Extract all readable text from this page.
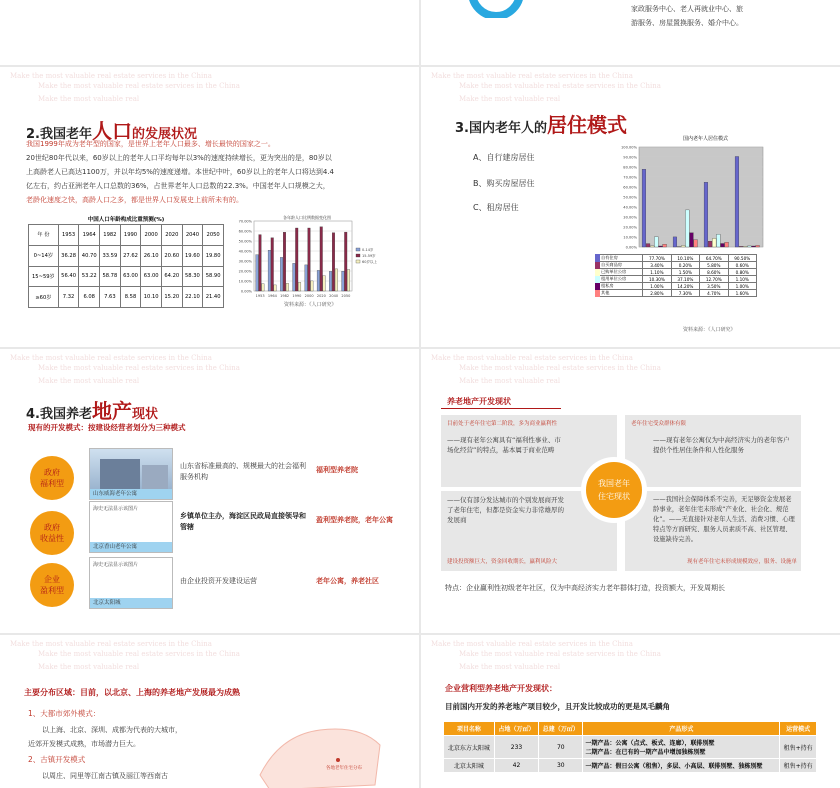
家政服务中心、老人再就业中心、旅
游服务、房屋置换服务、婚介中心。
Make the most valuable real estate services in the China
Make the most valuable real estate services in the China
Make the most valuable real
2.我国老年人口的发展状况
我国1999年成为老年型的国家，是世界上老年人口最多、增长最快的国家之一。
20世纪80年代以来，60岁以上的老年人口平均每年以3%的速度持续增长，更为突出的是，80岁以
上高龄老人已高达1100万，并以年均5%的速度递增。本世纪中叶，60岁以上的老年人口将达到4.4
亿左右，约占亚洲老年人口总数的36%，占世界老年人口总数的22.3%。中国老年人口规模之大，
老龄化速度之快，高龄人口之多，都是世界人口发展史上前所未有的。
中国人口年龄构成比重预测(%)
年 份	1953	1964	1982	1990	2000	2020	2040	2050
0~14岁	36.28	40.70	33.59	27.62	26.10	20.60	19.60	19.80
15~59岁	56.40	53.22	58.78	63.00	63.00	64.20	58.30	58.90
≥60岁	7.32	6.08	7.63	8.58	10.10	15.20	22.10	21.40
0.00%
10.00%
20.00%
30.00%
40.00%
50.00%
60.00%
70.00%
1953 1964 1982 1990 2000 2020 2040 2050
0-14岁
15-59岁
60岁以上
各年龄人口比例数据变化图
资料来源：《人口研究》
Make the most valuable real estate services in the China
Make the most valuable real estate services in the China
Make the most valuable real
3.国内老年人的居住模式
A、自行建房居住
B、购买房屋居住
C、租房居住
国内老年人居住模式
0.00%
10.00%
20.00%
30.00%
40.00%
50.00%
60.00%
70.00%
80.00%
90.00%
100.00%
自有住房	77.70%	10.10%	64.70%	90.50%
自买商品房	3.40%	0.20%	5.80%	0.60%
已购单位公房	1.10%	1.50%	8.60%	0.80%
租用单位公房	10.30%	37.10%	12.70%	1.10%
租私房	1.00%	14.20%	3.50%	1.00%
其他	2.80%	7.30%	4.70%	1.60%
资料来源：《人口研究》
Make the most valuable real estate services in the China
Make the most valuable real estate services in the China
Make the most valuable real
4.我国养老地产现状
现有的开发模式：按建设经营者划分为三种模式
政府
福利型
山东威海老年公寓
山东省标准最高的、规模最大的社会福利服务机构
福利型养老院
政府
收益性
海史无法显示该图片
北京香山老年公寓
乡镇单位主办，海淀区民政局直接领导和管辖
盈利型养老院，老年公寓
企业
盈利型
海史无法显示该图片
北京太阳城
由企业投资开发建设运营	老年公寓，养老社区
Make the most valuable real estate services in the China
Make the most valuable real estate services in the China
Make the most valuable real
养老地产开发现状
目前处于老年住宅第二阶段，多为商业赢利性
——现有老年公寓具有“福利性事业、市场化经营”的特点，基本属于商业范畴
老年住宅受众群体有限
——现有老年公寓仅为中高经济实力的老年客户提供个性居住条件和人性化服务
——仅有部分发达城市的个别发展商开发了老年住宅，但都是资金实力非常雄厚的发展商
建设投资额巨大，资金回收期长，赢利风险大
——我国社会保障体系不完善，无足够资金发展老龄事业，老年住宅未形成“产业化、社会化、规范化”。——无直接针对老年人生活、消费习惯、心理特点等方面研究、服务人员素质不高、社区管理、设施缺待完善。
现有老年住宅未形成规模效应，服务、设施单
我国老年
住宅现状
特点：企业赢利性初级老年社区，仅为中高经济实力老年群体打造，投资额大，开发周期长
Make the most valuable real estate services in the China
Make the most valuable real estate services in the China
Make the most valuable real
各地老年住宅分布
主要分布区域：目前，以北京、上海的养老地产发展最为成熟
1、大都市郊外模式：
以上海、北京、深圳、成都为代表的大城市，近郊开发模式成熟，市场潜力巨大。
2、古镇开发模式
以周庄、同里等江南古镇及丽江等西南古
Make the most valuable real estate services in the China
Make the most valuable real estate services in the China
Make the most valuable real
企业营利型养老地产开发现状：
目前国内开发的养老地产项目较少，且开发比较成功的更是凤毛麟角
项目名称	占地（万㎡）	总建（万㎡）	产品形式	运营模式
北京东方太阳城	233	70	一期产品：公寓（点式、板式、连廊），联排别墅
二期产品：在已有的一期产品中增加独栋别墅	租售+持有
北京太阳城	42	30	一期产品：假日公寓（租售），多层、小高层、联排别墅、独栋别墅	租售+持有
